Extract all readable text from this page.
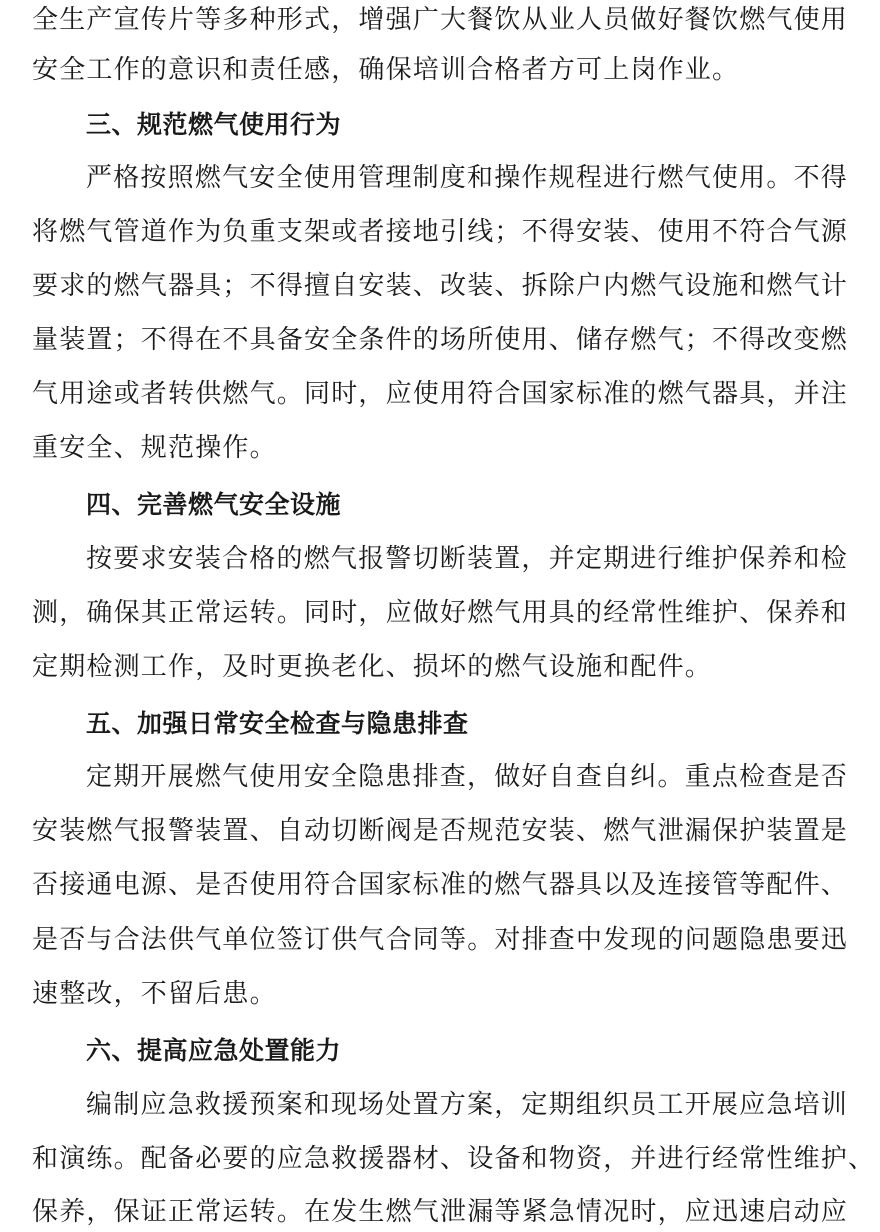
全生产宣传片等多种形式，增强广大餐饮从业人员做好餐饮燃气使用
安全工作的意识和责任感，确保培训合格者方可上岗作业。
三、规范燃气使用行为
严格按照燃气安全使用管理制度和操作规程进行燃气使用。不得
将燃气管道作为负重支架或者接地引线；不得安装、使用不符合气源
要求的燃气器具；不得擅自安装、改装、拆除户内燃气设施和燃气计
量装置；不得在不具备安全条件的场所使用、储存燃气；不得改变燃
气用途或者转供燃气。同时，应使用符合国家标准的燃气器具，并注
重安全、规范操作。
四、完善燃气安全设施
按要求安装合格的燃气报警切断装置，并定期进行维护保养和检
测，确保其正常运转。同时，应做好燃气用具的经常性维护、保养和
定期检测工作，及时更换老化、损坏的燃气设施和配件。
五、加强日常安全检查与隐患排查
定期开展燃气使用安全隐患排查，做好自查自纠。重点检查是否
安装燃气报警装置、自动切断阀是否规范安装、燃气泄漏保护装置是
否接通电源、是否使用符合国家标准的燃气器具以及连接管等配件、
是否与合法供气单位签订供气合同等。对排查中发现的问题隐患要迅
速整改，不留后患。
六、提高应急处置能力
编制应急救援预案和现场处置方案，定期组织员工开展应急培训
和演练。配备必要的应急救援器材、设备和物资，并进行经常性维护、
保养，保证正常运转。在发生燃气泄漏等紧急情况时，应迅速启动应
